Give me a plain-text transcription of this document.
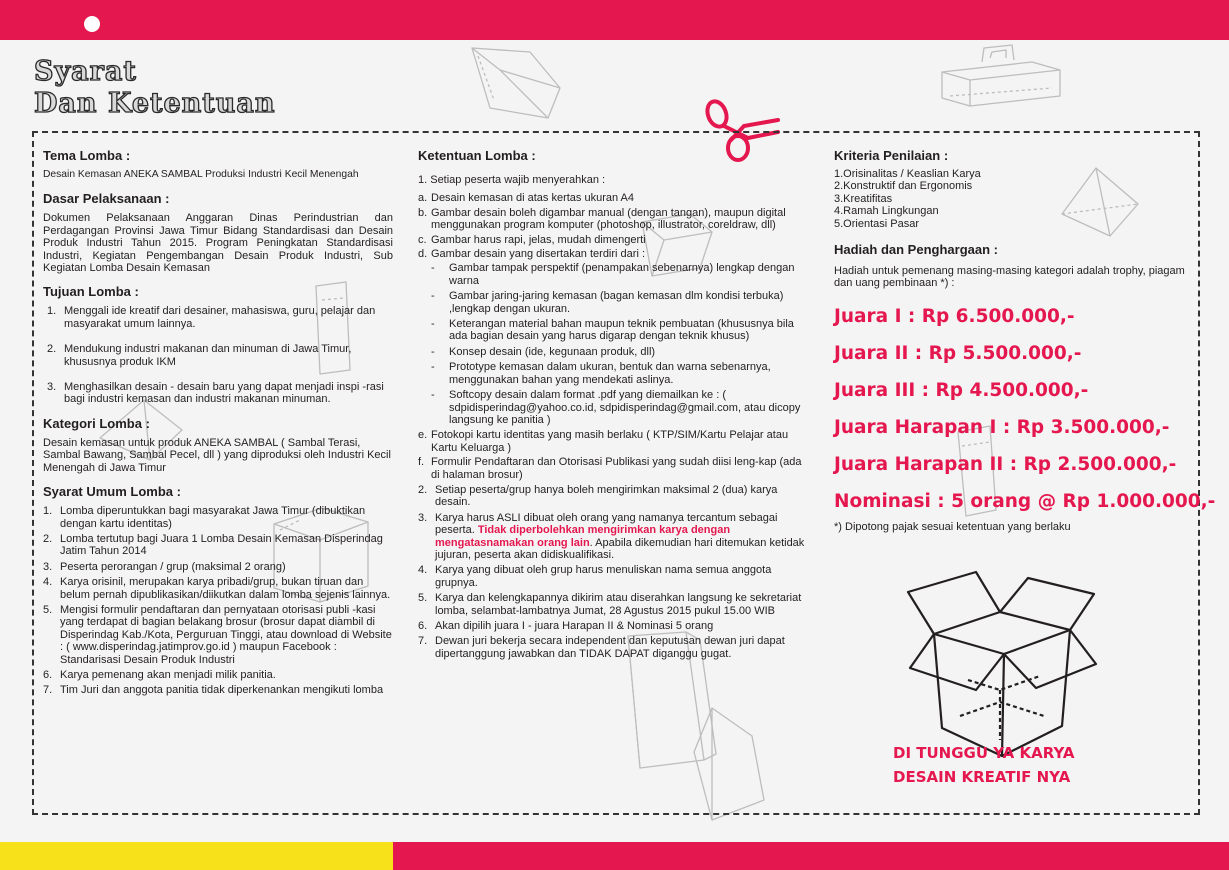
Syarat
Dan Ketentuan
Tema Lomba :

Desain Kemasan ANEKA SAMBAL Produksi Industri Kecil Menengah

Dasar Pelaksanaan :

Dokumen Pelaksanaan Anggaran Dinas Perindustrian dan Perdagangan Provinsi Jawa Timur Bidang Standardisasi dan Desain Produk Industri Tahun 2015. Program Peningkatan Standardisasi Industri, Kegiatan Pengembangan Desain Produk Industri, Sub Kegiatan Lomba Desain Kemasan

Tujuan Lomba :
1. Menggali ide kreatif dari desainer, mahasiswa, guru, pelajar dan masyarakat umum lainnya.
2. Mendukung industri makanan dan minuman di Jawa Timur, khususnya produk IKM
3. Menghasilkan desain - desain baru yang dapat menjadi inspi -rasi bagi industri kemasan dan industri makanan minuman.
Kategori Lomba :

Desain kemasan untuk produk ANEKA SAMBAL ( Sambal Terasi, Sambal Bawang, Sambal Pecel, dll ) yang diproduksi oleh Industri Kecil Menengah di Jawa Timur

Syarat Umum Lomba :
1. Lomba diperuntukkan bagi masyarakat Jawa Timur (dibuktikan dengan kartu identitas)
2. Lomba tertutup bagi Juara 1 Lomba Desain Kemasan Disperindag Jatim Tahun 2014
3. Peserta perorangan / grup (maksimal 2 orang)
4. Karya orisinil, merupakan karya pribadi/grup, bukan tiruan dan belum pernah dipublikasikan/diikutkan dalam lomba sejenis lainnya.
5. Mengisi formulir pendaftaran dan pernyataan otorisasi publi -kasi yang terdapat di bagian belakang brosur (brosur dapat diambil di Disperindag Kab./Kota, Perguruan Tinggi, atau download di Website : ( www.disperindag.jatimprov.go.id ) maupun Facebook : Standarisasi Desain Produk Industri
6. Karya pemenang akan menjadi milik panitia.
7. Tim Juri dan anggota panitia tidak diperkenankan mengikuti lomba
Ketentuan Lomba :

1. Setiap peserta wajib menyerahkan :

a. Desain kemasan di atas kertas ukuran A4
b. Gambar desain boleh digambar manual (dengan tangan), maupun digital menggunakan program komputer (photoshop, illustrator, coreldraw, dll)
c. Gambar harus rapi, jelas, mudah dimengerti
d. Gambar desain yang disertakan terdiri dari :
- Gambar tampak perspektif (penampakan sebenarnya) lengkap dengan warna
- Gambar jaring-jaring kemasan (bagan kemasan dlm kondisi terbuka) ,lengkap dengan ukuran.
- Keterangan material bahan maupun teknik pembuatan (khususnya bila ada bagian desain yang harus digarap dengan teknik khusus)
- Konsep desain (ide, kegunaan produk, dll)
- Prototype kemasan dalam ukuran, bentuk dan warna sebenarnya, menggunakan bahan yang mendekati aslinya.
- Softcopy desain dalam format .pdf yang diemailkan ke : ( sdpidisperindag@yahoo.co.id, sdpidisperindag@gmail.com, atau dicopy langsung ke panitia )
e. Fotokopi kartu identitas yang masih berlaku ( KTP/SIM/Kartu Pelajar atau Kartu Keluarga )
f. Formulir Pendaftaran dan Otorisasi Publikasi yang sudah diisi leng-kap (ada di halaman brosur)
2. Setiap peserta/grup hanya boleh mengirimkan maksimal 2 (dua) karya desain.
3. Karya harus ASLI dibuat oleh orang yang namanya tercantum sebagai peserta. Tidak diperbolehkan mengirimkan karya dengan mengatasnamakan orang lain. Apabila dikemudian hari ditemukan ketidak jujuran, peserta akan didiskualifikasi.
4. Karya yang dibuat oleh grup harus menuliskan nama semua anggota grupnya.
5. Karya dan kelengkapannya dikirim atau diserahkan langsung ke sekretariat lomba, selambat-lambatnya Jumat, 28 Agustus 2015 pukul 15.00 WIB
6. Akan dipilih juara I - juara Harapan II & Nominasi 5 orang
7. Dewan juri bekerja secara independent dan keputusan dewan juri dapat dipertanggung jawabkan dan TIDAK DAPAT diganggu gugat.
Kriteria Penilaian :

1.Orisinalitas / Keaslian Karya

2.Konstruktif dan Ergonomis

3.Kreatifitas

4.Ramah Lingkungan

5.Orientasi Pasar

Hadiah dan Penghargaan :

Hadiah untuk pemenang masing-masing kategori adalah trophy, piagam dan uang pembinaan *) :

Juara I : Rp 6.500.000,-
Juara II : Rp 5.500.000,-
Juara III : Rp 4.500.000,-
Juara Harapan I : Rp 3.500.000,-
Juara Harapan II : Rp 2.500.000,-
Nominasi : 5 orang @ Rp 1.000.000,-

*) Dipotong pajak sesuai ketentuan yang berlaku

DI TUNGGU YA KARYA
DESAIN KREATIF NYA
